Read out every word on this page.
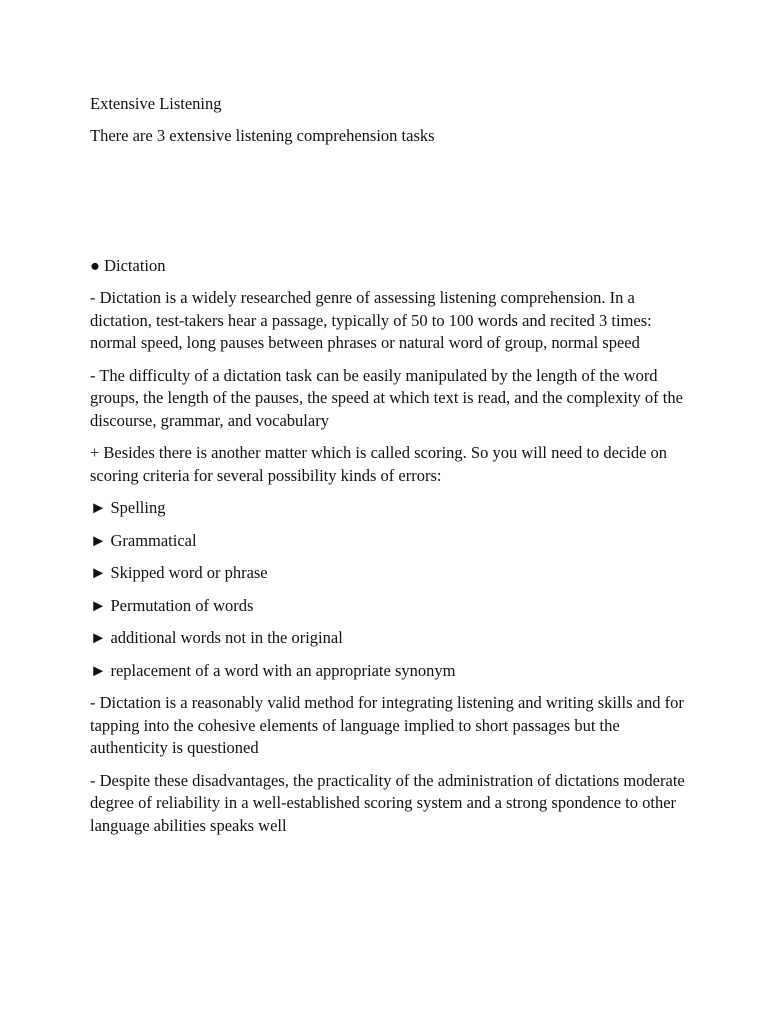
Extensive Listening

There are 3 extensive listening comprehension tasks

● Dictation

- Dictation is a widely researched genre of assessing listening comprehension. In a dictation, test-takers hear a passage, typically of 50 to 100 words and recited 3 times: normal speed, long pauses between phrases or natural word of group, normal speed

- The difficulty of a dictation task can be easily manipulated by the length of the word groups, the length of the pauses, the speed at which text is read, and the complexity of the discourse, grammar, and vocabulary

+ Besides there is another matter which is called scoring. So you will need to decide on scoring criteria for several possibility kinds of errors:

► Spelling

► Grammatical

► Skipped word or phrase

► Permutation of words

► additional words not in the original

► replacement of a word with an appropriate synonym

- Dictation is a reasonably valid method for integrating listening and writing skills and for tapping into the cohesive elements of language implied to short passages but the authenticity is questioned

- Despite these disadvantages, the practicality of the administration of dictations moderate degree of reliability in a well-established scoring system and a strong spondence to other language abilities speaks well
